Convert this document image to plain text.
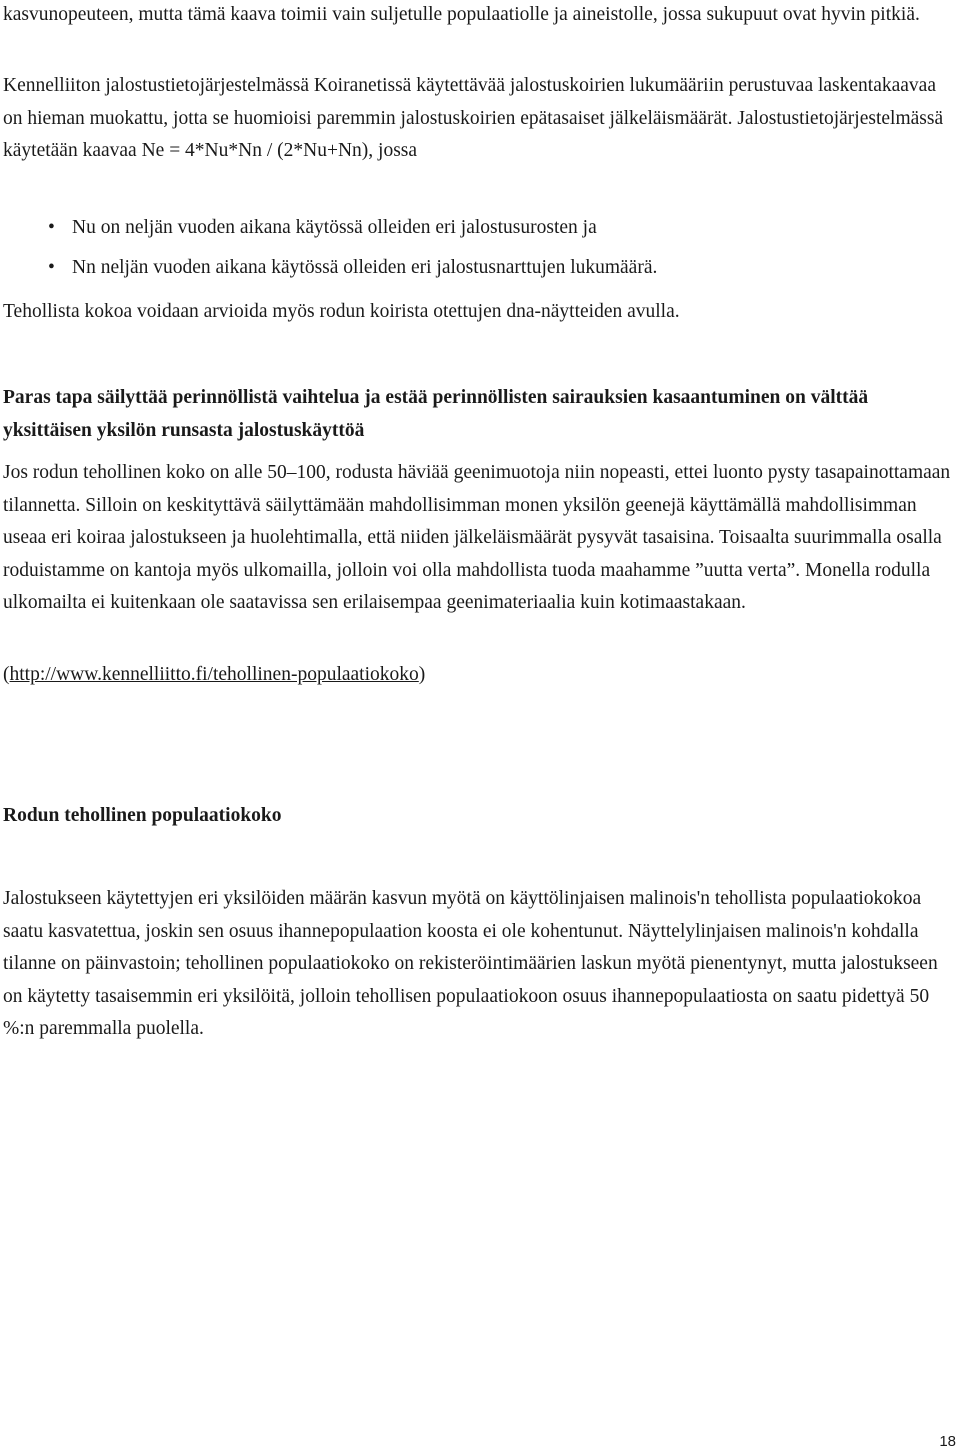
kasvunopeuteen, mutta tämä kaava toimii vain suljetulle populaatiolle ja aineistolle, jossa sukupuut ovat hyvin pitkiä.

Kennelliiton jalostustietojärjestelmässä Koiranetissä käytettävää jalostuskoirien lukumääriin perustuvaa laskentakaavaa on hieman muokattu, jotta se huomioisi paremmin jalostuskoirien epätasaiset jälkeläismäärät. Jalostustietojärjestelmässä käytetään kaavaa Ne = 4*Nu*Nn / (2*Nu+Nn), jossa

• Nu on neljän vuoden aikana käytössä olleiden eri jalostusurosten ja
• Nn neljän vuoden aikana käytössä olleiden eri jalostusnarttujen lukumäärä.

Tehollista kokoa voidaan arvioida myös rodun koirista otettujen dna-näytteiden avulla.

Paras tapa säilyttää perinnöllistä vaihtelua ja estää perinnöllisten sairauksien kasaantuminen on välttää yksittäisen yksilön runsasta jalostuskäyttöä

Jos rodun tehollinen koko on alle 50–100, rodusta häviää geenimuotoja niin nopeasti, ettei luonto pysty tasapainottamaan tilannetta. Silloin on keskityttävä säilyttämään mahdollisimman monen yksilön geenejä käyttämällä mahdollisimman useaa eri koiraa jalostukseen ja huolehtimalla, että niiden jälkeläismäärät pysyvät tasaisina. Toisaalta suurimmalla osalla roduistamme on kantoja myös ulkomailla, jolloin voi olla mahdollista tuoda maahamme ”uutta verta”. Monella rodulla ulkomailta ei kuitenkaan ole saatavissa sen erilaisempaa geenimateriaalia kuin kotimaastakaan.

(http://www.kennelliitto.fi/tehollinen-populaatiokoko)

Rodun tehollinen populaatiokoko

Jalostukseen käytettyjen eri yksilöiden määrän kasvun myötä on käyttölinjaisen malinois'n tehollista populaatiokokoa saatu kasvatettua, joskin sen osuus ihannepopulaation koosta ei ole kohentunut. Näyttelylinjaisen malinois'n kohdalla tilanne on päinvastoin; tehollinen populaatiokoko on rekisteröintimäärien laskun myötä pienentynyt, mutta jalostukseen on käytetty tasaisemmin eri yksilöitä, jolloin tehollisen populaatiokoon osuus ihannepopulaatiosta on saatu pidettyä 50 %:n paremmalla puolella.

18
